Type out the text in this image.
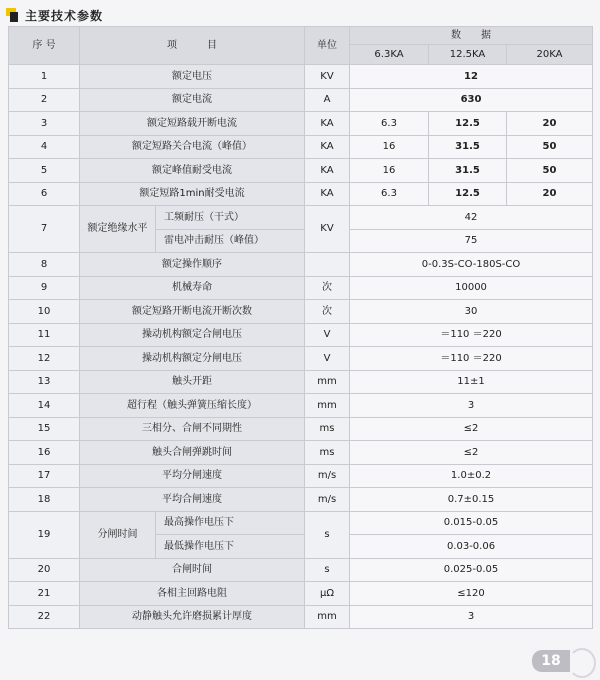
主要技术参数
序 号	项　　　目		单位	数　　据		
				6.3KA	12.5KA	20KA
1	额定电压		KV	12		
2	额定电流		A	630		
3	额定短路载开断电流		KA	6.3	12.5	20
4	额定短路关合电流（峰值）		KA	16	31.5	50
5	额定峰值耐受电流		KA	16	31.5	50
6	额定短路1min耐受电流		KA	6.3	12.5	20
7	额定绝缘水平	工频耐压（干式）	KV	42		
		雷电冲击耐压（峰值）		75		
8	额定操作顺序			0-0.3S-CO-180S-CO		
9	机械寿命		次	10000		
10	额定短路开断电流开断次数		次	30		
11	操动机构额定合闸电压		V	＝110 ＝220		
12	操动机构额定分闸电压		V	＝110 ＝220		
13	触头开距		mm	11±1		
14	超行程（触头弹簧压缩长度）		mm	3		
15	三相分、合闸不同期性		ms	≤2		
16	触头合闸弹跳时间		ms	≤2		
17	平均分闸速度		m/s	1.0±0.2		
18	平均合闸速度		m/s	0.7±0.15		
19	分闸时间	最高操作电压下	s	0.015-0.05		
		最低操作电压下		0.03-0.06		
20	合闸时间		s	0.025-0.05		
21	各相主回路电阻		μΩ	≤120		
22	动静触头允许磨损累计厚度		mm	3		
18
